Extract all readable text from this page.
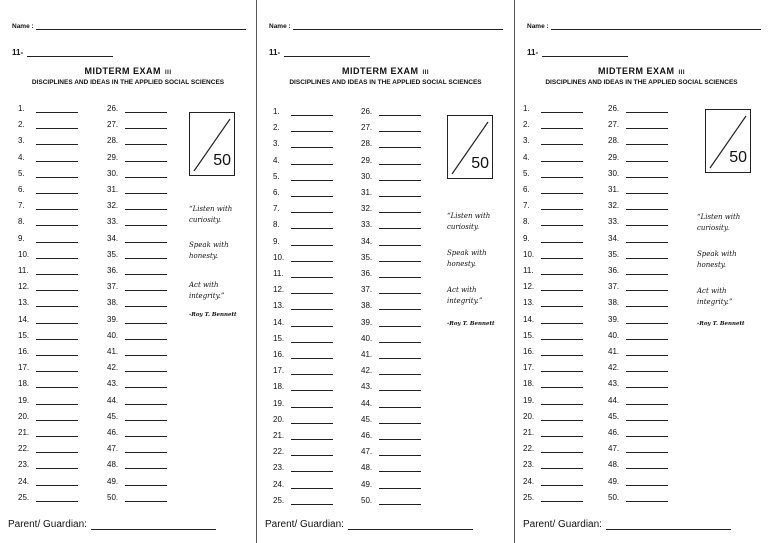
Name :
11-
MIDTERM EXAM III
DISCIPLINES AND IDEAS IN THE APPLIED SOCIAL SCIENCES
1.
2.
3.
4.
5.
6.
7.
8.
9.
10.
11.
12.
13.
14.
15.
16.
17.
18.
19.
20.
21.
22.
23.
24.
25.
26.
27.
28.
29.
30.
31.
32.
33.
34.
35.
36.
37.
38.
39.
40.
41.
42.
43.
44.
45.
46.
47.
48.
49.
50.
50
“Listen with curiosity.
Speak with honesty.
Act with integrity.”
-Roy T. Bennett
Parent/ Guardian:
Name :
11-
MIDTERM EXAM III
DISCIPLINES AND IDEAS IN THE APPLIED SOCIAL SCIENCES
1.
2.
3.
4.
5.
6.
7.
8.
9.
10.
11.
12.
13.
14.
15.
16.
17.
18.
19.
20.
21.
22.
23.
24.
25.
26.
27.
28.
29.
30.
31.
32.
33.
34.
35.
36.
37.
38.
39.
40.
41.
42.
43.
44.
45.
46.
47.
48.
49.
50.
50
“Listen with curiosity.
Speak with honesty.
Act with integrity.”
-Roy T. Bennett
Parent/ Guardian:
Name :
11-
MIDTERM EXAM III
DISCIPLINES AND IDEAS IN THE APPLIED SOCIAL SCIENCES
1.
2.
3.
4.
5.
6.
7.
8.
9.
10.
11.
12.
13.
14.
15.
16.
17.
18.
19.
20.
21.
22.
23.
24.
25.
26.
27.
28.
29.
30.
31.
32.
33.
34.
35.
36.
37.
38.
39.
40.
41.
42.
43.
44.
45.
46.
47.
48.
49.
50.
50
“Listen with curiosity.
Speak with honesty.
Act with integrity.”
-Roy T. Bennett
Parent/ Guardian:
